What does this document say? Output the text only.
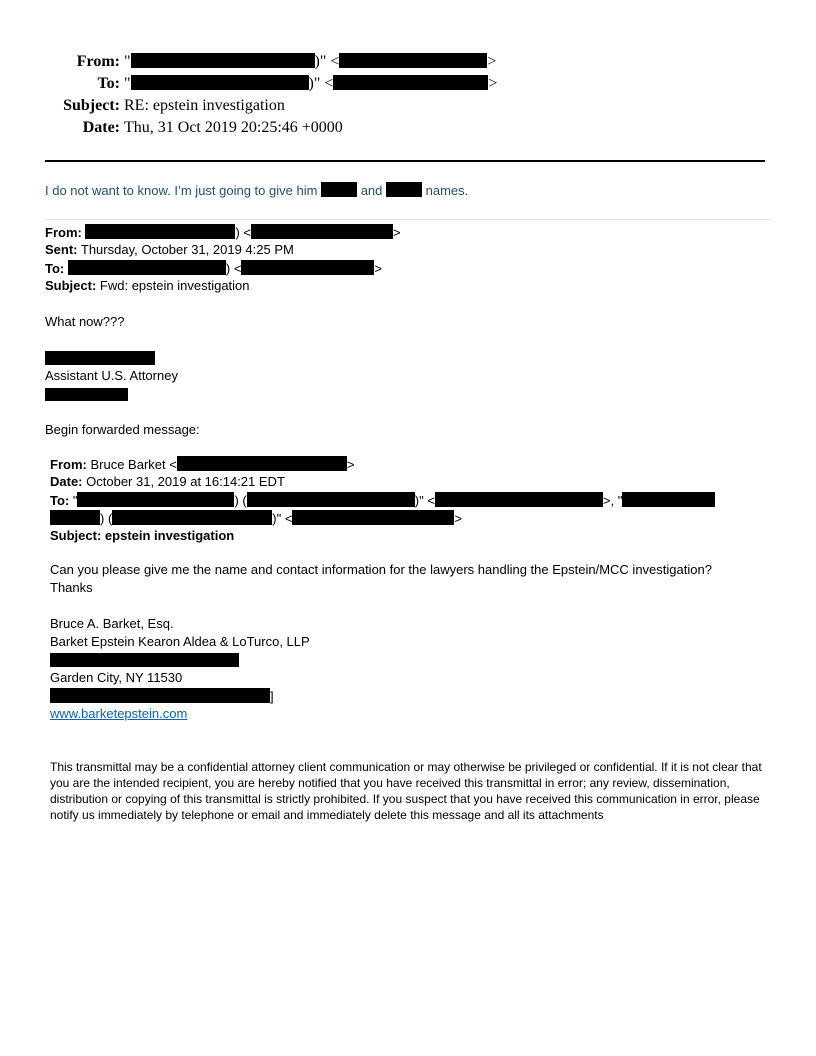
From: "	)" <	>
To: "	)" <	>
Subject: RE: epstein investigation
Date: Thu, 31 Oct 2019 20:25:46 +0000
I do not want to know. I’m just going to give him	and	names.
From:	) <	>
Sent: Thursday, October 31, 2019 4:25 PM
To:	) <	>
Subject: Fwd: epstein investigation
What now???
Assistant U.S. Attorney
Begin forwarded message:
From: Bruce Barket <	>
Date: October 31, 2019 at 16:14:21 EDT
To: "	) (	)" <	>, "
) (	)" <	>
Subject: epstein investigation
Can you please give me the name and contact information for the lawyers handling the Epstein/MCC investigation?
Thanks
Bruce A. Barket, Esq.
Barket Epstein Kearon Aldea & LoTurco, LLP
Garden City, NY 11530
]
www.barketepstein.com
This transmittal may be a confidential attorney client communication or may otherwise be privileged or confidential. If it is not clear that you are the intended recipient, you are hereby notified that you have received this transmittal in error; any review, dissemination, distribution or copying of this transmittal is strictly prohibited. If you suspect that you have received this communication in error, please notify us immediately by telephone or email and immediately delete this message and all its attachments
